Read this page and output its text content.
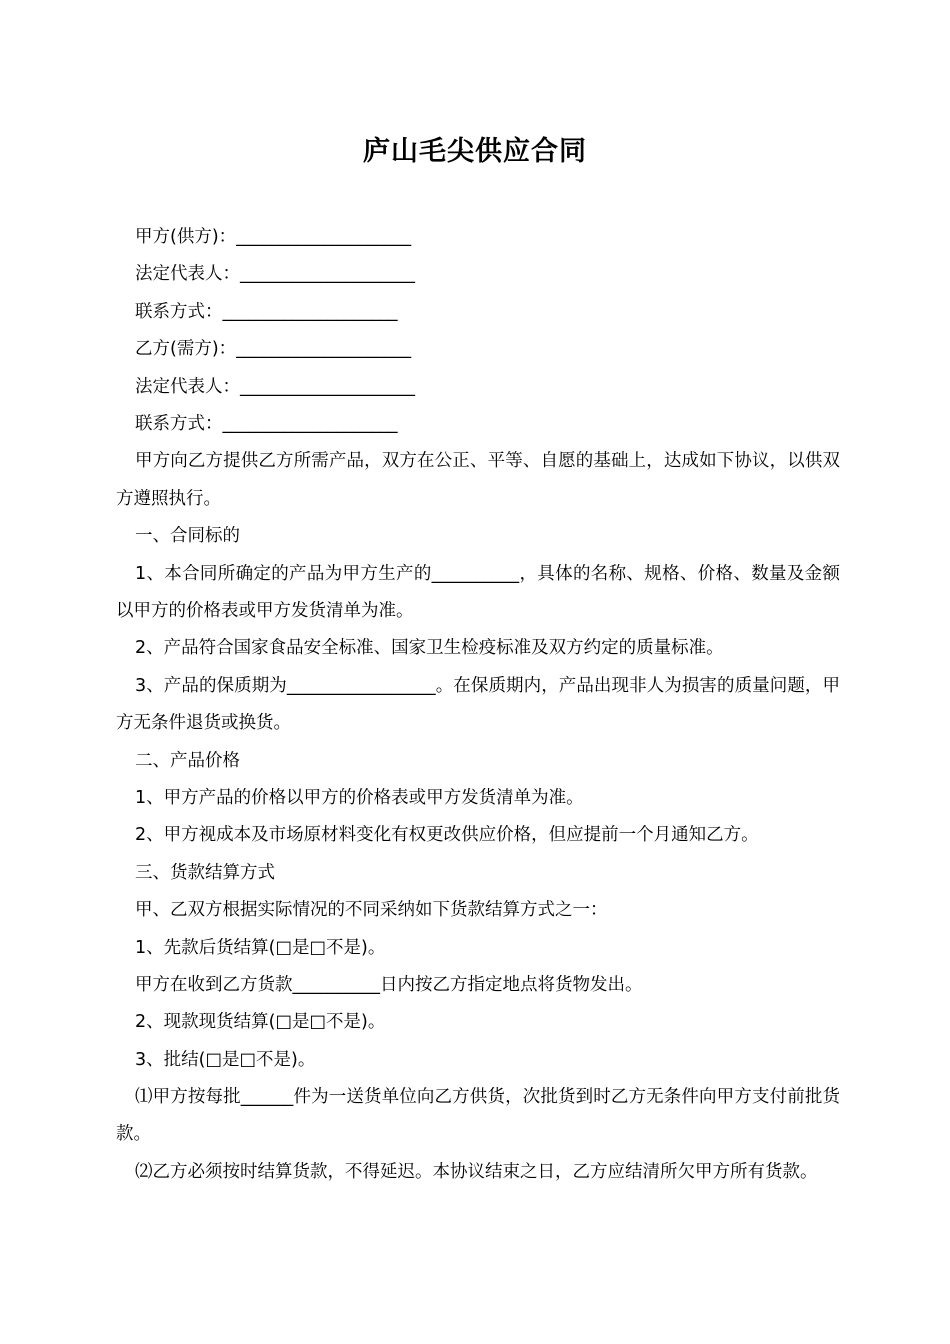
庐山毛尖供应合同
甲方(供方)：____________________
法定代表人：____________________
联系方式：____________________
乙方(需方)：____________________
法定代表人：____________________
联系方式：____________________
甲方向乙方提供乙方所需产品，双方在公正、平等、自愿的基础上，达成如下协议，以供双方遵照执行。
一、合同标的
1、本合同所确定的产品为甲方生产的__________，具体的名称、规格、价格、数量及金额以甲方的价格表或甲方发货清单为准。
2、产品符合国家食品安全标准、国家卫生检疫标准及双方约定的质量标准。
3、产品的保质期为_________________。在保质期内，产品出现非人为损害的质量问题，甲方无条件退货或换货。
二、产品价格
1、甲方产品的价格以甲方的价格表或甲方发货清单为准。
2、甲方视成本及市场原材料变化有权更改供应价格，但应提前一个月通知乙方。
三、货款结算方式
甲、乙双方根据实际情况的不同采纳如下货款结算方式之一：
1、先款后货结算(□是□不是)。
甲方在收到乙方货款__________日内按乙方指定地点将货物发出。
2、现款现货结算(□是□不是)。
3、批结(□是□不是)。
⑴甲方按每批______件为一送货单位向乙方供货，次批货到时乙方无条件向甲方支付前批货款。
⑵乙方必须按时结算货款，不得延迟。本协议结束之日，乙方应结清所欠甲方所有货款。
